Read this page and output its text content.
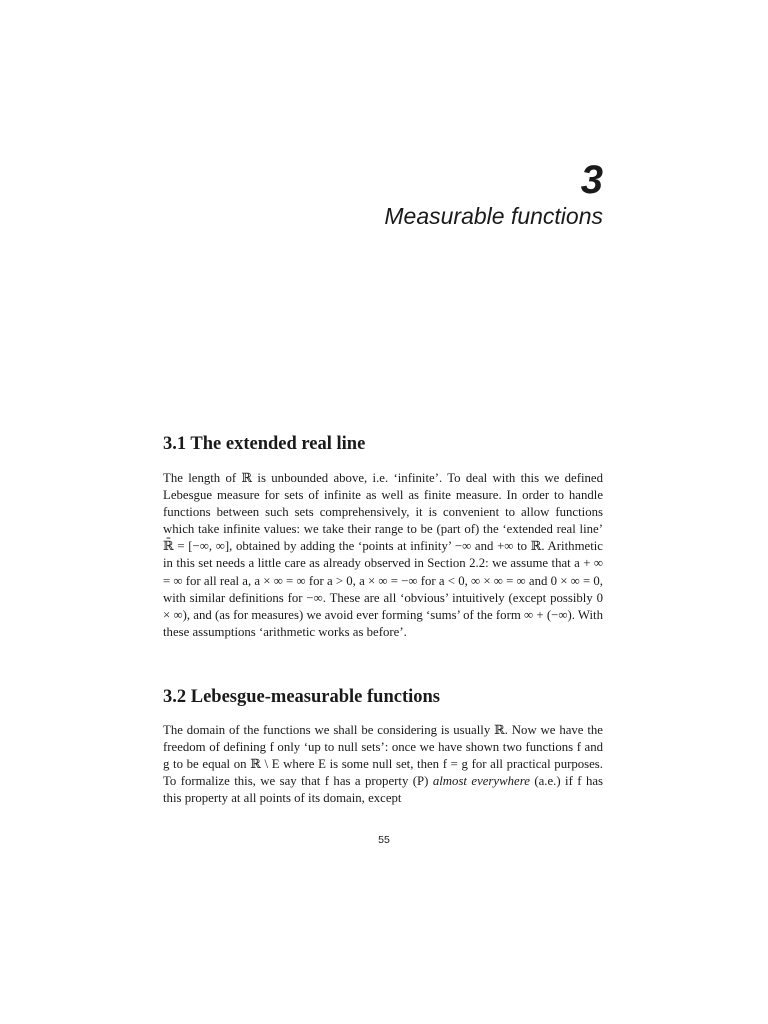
3
Measurable functions
3.1 The extended real line

The length of ℝ is unbounded above, i.e. ‘infinite’. To deal with this we defined Lebesgue measure for sets of infinite as well as finite measure. In order to handle functions between such sets comprehensively, it is convenient to allow functions which take infinite values: we take their range to be (part of) the ‘extended real line’ ℝ̄ = [−∞, ∞], obtained by adding the ‘points at infinity’ −∞ and +∞ to ℝ. Arithmetic in this set needs a little care as already observed in Section 2.2: we assume that a + ∞ = ∞ for all real a, a × ∞ = ∞ for a > 0, a × ∞ = −∞ for a < 0, ∞ × ∞ = ∞ and 0 × ∞ = 0, with similar definitions for −∞. These are all ‘obvious’ intuitively (except possibly 0 × ∞), and (as for measures) we avoid ever forming ‘sums’ of the form ∞ + (−∞). With these assumptions ‘arithmetic works as before’.

3.2 Lebesgue-measurable functions

The domain of the functions we shall be considering is usually ℝ. Now we have the freedom of defining f only ‘up to null sets’: once we have shown two functions f and g to be equal on ℝ \ E where E is some null set, then f = g for all practical purposes. To formalize this, we say that f has a property (P) almost everywhere (a.e.) if f has this property at all points of its domain, except

55
